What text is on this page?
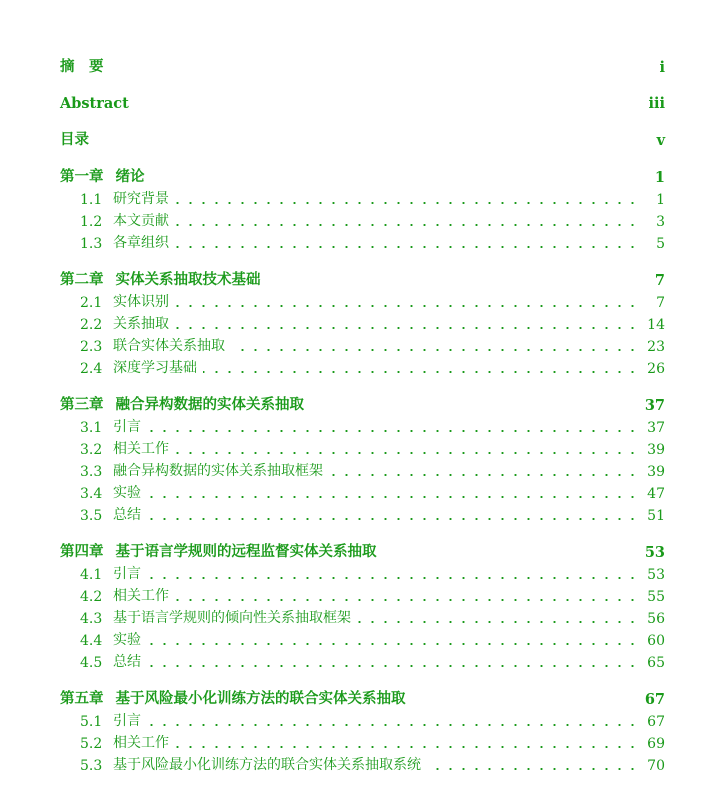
摘　要	i
Abstract	iii
目录	v
第一章 绪论	1
1.1 研究背景	1
1.2 本文贡献	3
1.3 各章组织	5
第二章 实体关系抽取技术基础	7
2.1 实体识别	7
2.2 关系抽取	14
2.3 联合实体关系抽取	23
2.4 深度学习基础	26
第三章 融合异构数据的实体关系抽取	37
3.1 引言	37
3.2 相关工作	39
3.3 融合异构数据的实体关系抽取框架	39
3.4 实验	47
3.5 总结	51
第四章 基于语言学规则的远程监督实体关系抽取	53
4.1 引言	53
4.2 相关工作	55
4.3 基于语言学规则的倾向性关系抽取框架	56
4.4 实验	60
4.5 总结	65
第五章 基于风险最小化训练方法的联合实体关系抽取	67
5.1 引言	67
5.2 相关工作	69
5.3 基于风险最小化训练方法的联合实体关系抽取系统	70
